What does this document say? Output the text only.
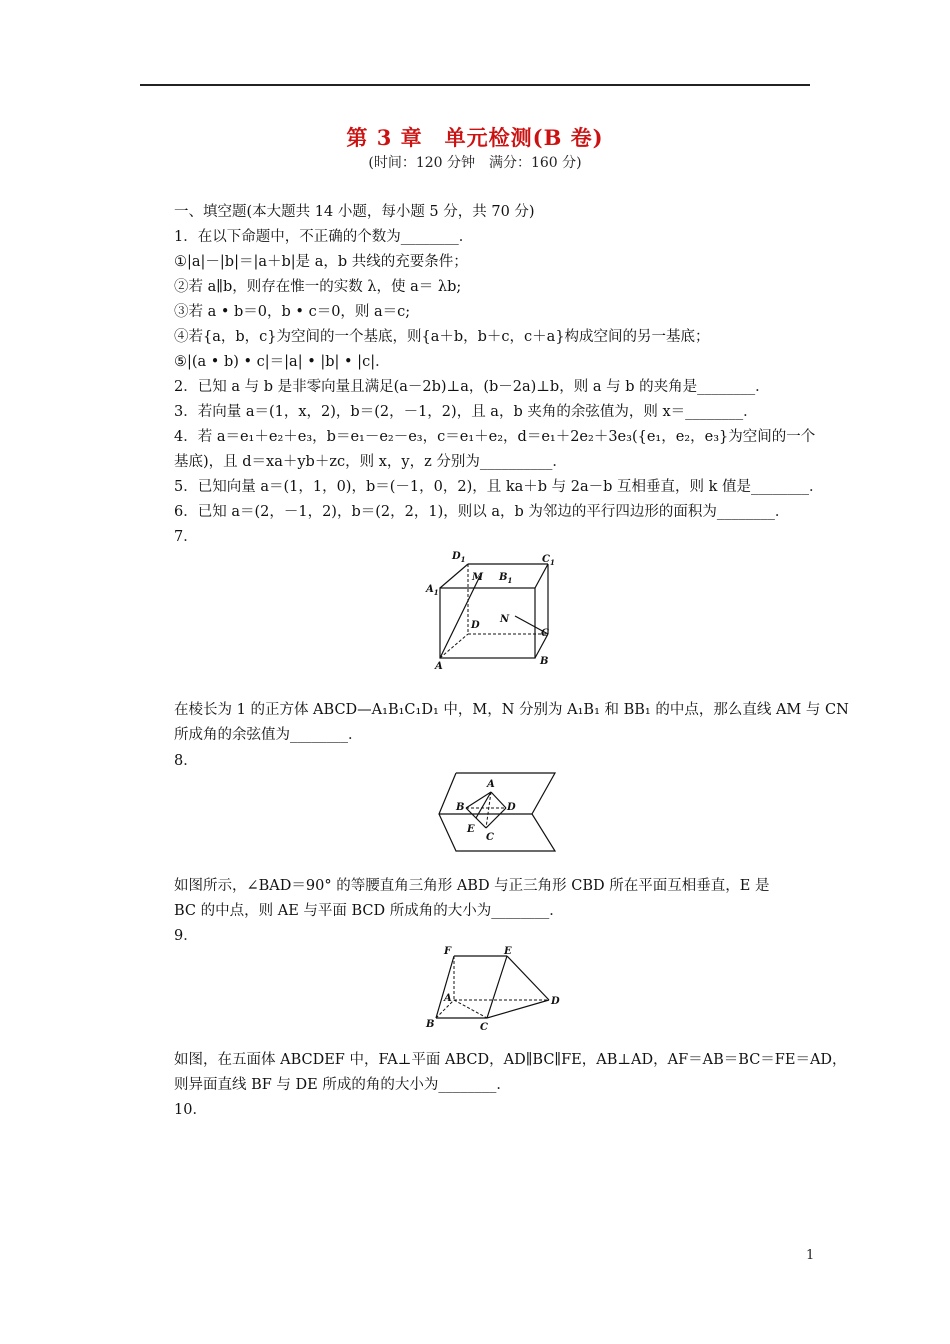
第 3 章　单元检测(B 卷)
(时间：120 分钟　满分：160 分)
一、填空题(本大题共 14 小题，每小题 5 分，共 70 分)
1．在以下命题中，不正确的个数为________．
①|a|－|b|＝|a＋b|是 a，b 共线的充要条件；
②若 a∥b，则存在惟一的实数 λ，使 a＝ λb;
③若 a • b＝0，b • c＝0，则 a＝c;
④若{a，b，c}为空间的一个基底，则{a＋b，b＋c，c＋a}构成空间的另一基底；
⑤|(a • b) • c|＝|a| • |b| • |c|．
2．已知 a 与 b 是非零向量且满足(a－2b)⊥a，(b－2a)⊥b，则 a 与 b 的夹角是________．
3．若向量 a＝(1，x，2)，b＝(2，－1，2)，且 a，b 夹角的余弦值为，则 x＝________．
4．若 a＝e₁＋e₂＋e₃，b＝e₁－e₂－e₃，c＝e₁＋e₂，d＝e₁＋2e₂＋3e₃({e₁，e₂，e₃}为空间的一个
基底)，且 d＝xa＋yb＋zc，则 x，y，z 分别为__________．
5．已知向量 a＝(1，1，0)，b＝(－1，0，2)，且 ka＋b 与 2a－b 互相垂直，则 k 值是________．
6．已知 a＝(2，－1，2)，b＝(2，2，1)，则以 a，b 为邻边的平行四边形的面积为________．
7．
$D_1$	$C_1$
$A_1$
M $B_1$
N
D
C
A	B
在棱长为 1 的正方体 ABCD—A₁B₁C₁D₁ 中，M，N 分别为 A₁B₁ 和 BB₁ 的中点，那么直线 AM 与 CN
所成角的余弦值为________．
8．
A
B	D
E
C
如图所示，∠BAD＝90° 的等腰直角三角形 ABD 与正三角形 CBD 所在平面互相垂直，E 是
BC 的中点，则 AE 与平面 BCD 所成角的大小为________．
9．
F	E
A	D
B	C
如图，在五面体 ABCDEF 中，FA⊥平面 ABCD，AD∥BC∥FE，AB⊥AD，AF＝AB＝BC＝FE＝AD，
则异面直线 BF 与 DE 所成的角的大小为________．
10．
1
